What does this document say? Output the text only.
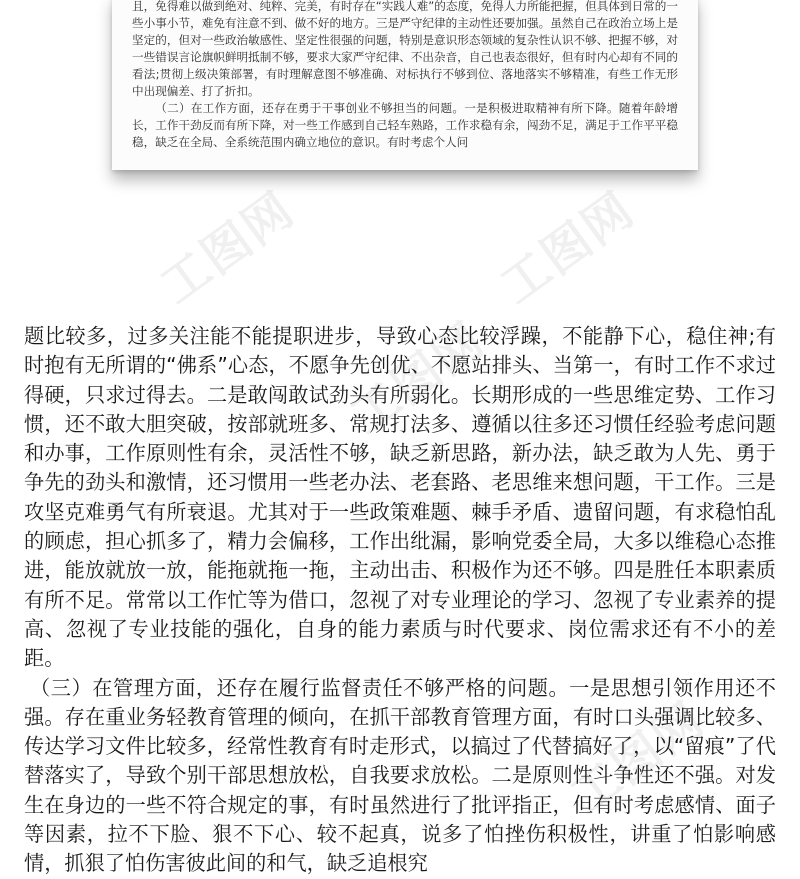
且，免得难以做到绝对、纯粹、完美，有时存在“实践人难”的态度，免得人力所能把握，但具体到日常的一些小事小节，难免有注意不到、做不好的地方。三是严守纪律的主动性还要加强。虽然自己在政治立场上是坚定的，但对一些政治敏感性、坚定性很强的问题，特别是意识形态领域的复杂性认识不够、把握不够，对一些错误言论旗帜鲜明抵制不够，要求大家严守纪律、不出杂音，自己也表态很好，但有时内心却有不同的看法;贯彻上级决策部署，有时理解意图不够准确、对标执行不够到位、落地落实不够精准，有些工作无形中出现偏差、打了折扣。

（二）在工作方面，还存在勇于干事创业不够担当的问题。一是积极进取精神有所下降。随着年龄增长，工作干劲反而有所下降，对一些工作感到自己轻车熟路，工作求稳有余，闯劲不足，满足于工作平平稳稳，缺乏在全局、全系统范围内确立地位的意识。有时考虑个人问

工图网	工图网
工图网
工图网

题比较多，过多关注能不能提职进步，导致心态比较浮躁，不能静下心，稳住神;有时抱有无所谓的“佛系”心态，不愿争先创优、不愿站排头、当第一，有时工作不求过得硬，只求过得去。二是敢闯敢试劲头有所弱化。长期形成的一些思维定势、工作习惯，还不敢大胆突破，按部就班多、常规打法多、遵循以往多还习惯任经验考虑问题和办事，工作原则性有余，灵活性不够，缺乏新思路，新办法，缺乏敢为人先、勇于争先的劲头和激情，还习惯用一些老办法、老套路、老思维来想问题，干工作。三是攻坚克难勇气有所衰退。尤其对于一些政策难题、棘手矛盾、遗留问题，有求稳怕乱的顾虑，担心抓多了，精力会偏移，工作出纰漏，影响党委全局，大多以维稳心态推进，能放就放一放，能拖就拖一拖，主动出击、积极作为还不够。四是胜任本职素质有所不足。常常以工作忙等为借口，忽视了对专业理论的学习、忽视了专业素养的提高、忽视了专业技能的强化，自身的能力素质与时代要求、岗位需求还有不小的差距。

（三）在管理方面，还存在履行监督责任不够严格的问题。一是思想引领作用还不强。存在重业务轻教育管理的倾向，在抓干部教育管理方面，有时口头强调比较多、传达学习文件比较多，经常性教育有时走形式，以搞过了代替搞好了，以“留痕”了代替落实了，导致个别干部思想放松，自我要求放松。二是原则性斗争性还不强。对发生在身边的一些不符合规定的事，有时虽然进行了批评指正，但有时考虑感情、面子等因素，拉不下脸、狠不下心、较不起真，说多了怕挫伤积极性，讲重了怕影响感情，抓狠了怕伤害彼此间的和气，缺乏追根究
